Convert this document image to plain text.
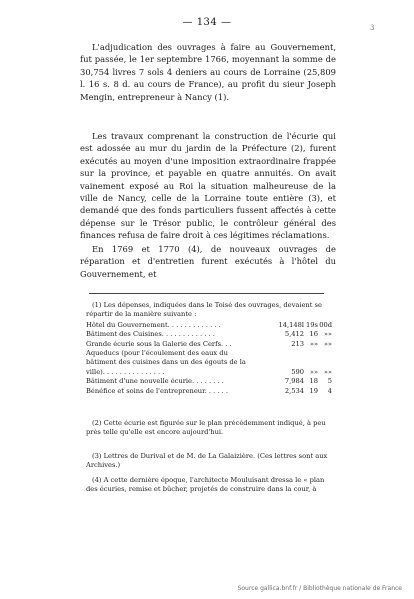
— 134 —	3

L'adjudication des ouvrages à faire au Gouvernement, fut passée, le 1er septembre 1766, moyennant la somme de 30,754 livres 7 sols 4 deniers au cours de Lorraine (25,809 l. 16 s. 8 d. au cours de France), au profit du sieur Joseph Mengin, entrepreneur à Nancy (1).

Les travaux comprenant la construction de l'écurie qui est adossée au mur du jardin de la Préfecture (2), furent exécutés au moyen d'une imposition extraordinaire frappée sur la province, et payable en quatre annuités. On avait vainement exposé au Roi la situation malheureuse de la ville de Nancy, celle de la Lorraine toute entière (3), et demandé que des fonds particuliers fussent affectés à cette dépense sur le Trésor public, le contrôleur général des finances refusa de faire droit à ces légitimes réclamations.

En 1769 et 1770 (4), de nouveaux ouvrages de réparation et d'entretien furent exécutés à l'hôtel du Gouvernement, et

(1) Les dépenses, indiquées dans le Toisé des ouvrages, devaient se répartir de la manière suivante :

Hôtel du Gouvernement. . . . . . . . . . . . .	14,148l 19s 00d
Bâtiment des Cuisines. . . . . . . . . . . . .	5,412 16 »»
Grande écurie sous la Galerie des Cerfs. . .	213 »» »»
Aqueducs (pour l'écoulement des eaux du bâtiment des cuisines dans un des égouts de la ville). . . . . . . . . . . . . . .	590 »» »»
Bâtiment d'une nouvelle écurie. . . . . . . .	7,984 18	5
Bénéfice et soins de l'entrepreneur. . . . . .	2,534 19	4

(2) Cette écurie est figurée sur le plan précédemment indiqué, à peu près telle qu'elle est encore aujourd'hui.

(3) Lettres de Durival et de M. de La Galaizière. (Ces lettres sont aux Archives.)

(4) A cette dernière époque, l'architecte Mouluisant dressa le « plan des écuries, remise et bûcher, projetés de construire dans la cour, à

Source gallica.bnf.fr / Bibliothèque nationale de France
